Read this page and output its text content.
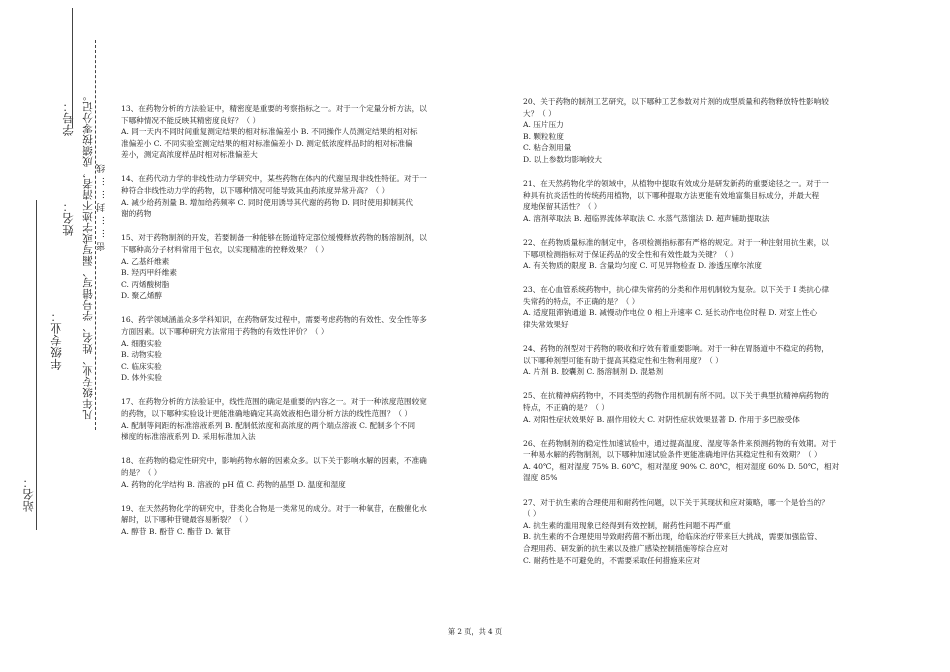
站名：
年级专业：
学号：
姓名： 凡年级专业、姓名、学号错写、漏写或字迹不清者，成绩按零分记。 密……封……线
13、在药物分析的方法验证中，精密度是重要的考察指标之一。对于一个定量分析方法，以
下哪种情况不能反映其精密度良好？（ ）
A. 同一天内不同时间重复测定结果的相对标准偏差小 B. 不同操作人员测定结果的相对标
准偏差小 C. 不同实验室测定结果的相对标准偏差小 D. 测定低浓度样品时的相对标准偏
差小，测定高浓度样品时相对标准偏差大
14、在药代动力学的非线性动力学研究中，某些药物在体内的代谢呈现非线性特征。对于一
种符合非线性动力学的药物，以下哪种情况可能导致其血药浓度异常升高？（ ）
A. 减少给药剂量 B. 增加给药频率 C. 同时使用诱导其代谢的药物 D. 同时使用抑制其代
谢的药物
15、对于药物制剂的开发，若要制备一种能够在肠道特定部位缓慢释放药物的肠溶制剂，以
下哪种高分子材料常用于包衣，以实现精准的控释效果？（ ）
A. 乙基纤维素
B. 羟丙甲纤维素
C. 丙烯酸树脂
D. 聚乙烯醇
16、药学领域涵盖众多学科知识，在药物研发过程中，需要考虑药物的有效性、安全性等多
方面因素。以下哪种研究方法常用于药物的有效性评价？（ ）
A. 细胞实验
B. 动物实验
C. 临床实验
D. 体外实验
17、在药物分析的方法验证中，线性范围的确定是重要的内容之一。对于一种浓度范围较宽
的药物，以下哪种实验设计更能准确地确定其高效液相色谱分析方法的线性范围？（ ）
A. 配制等间距的标准溶液系列 B. 配制低浓度和高浓度的两个端点溶液 C. 配制多个不同
梯度的标准溶液系列 D. 采用标准加入法
18、在药物的稳定性研究中，影响药物水解的因素众多。以下关于影响水解的因素，不准确
的是？（ ）
A. 药物的化学结构 B. 溶液的 pH 值 C. 药物的晶型 D. 温度和湿度
19、在天然药物化学的研究中，苷类化合物是一类常见的成分。对于一种氧苷，在酸催化水
解时，以下哪种苷键最容易断裂？（ ）
A. 醇苷 B. 酚苷 C. 酯苷 D. 氰苷
20、关于药物的制剂工艺研究，以下哪种工艺参数对片剂的成型质量和药物释放特性影响较
大？（ ）
A. 压片压力
B. 颗粒粒度
C. 粘合剂用量
D. 以上参数均影响较大
21、在天然药物化学的领域中，从植物中提取有效成分是研发新药的重要途径之一。对于一
种具有抗炎活性的传统药用植物，以下哪种提取方法更能有效地富集目标成分，并最大程
度地保留其活性？（ ）
A. 溶剂萃取法 B. 超临界流体萃取法 C. 水蒸气蒸馏法 D. 超声辅助提取法
22、在药物质量标准的制定中，各项检测指标都有严格的规定。对于一种注射用抗生素，以
下哪项检测指标对于保证药品的安全性和有效性最为关键？（ ）
A. 有关物质的限度 B. 含量均匀度 C. 可见异物检查 D. 渗透压摩尔浓度
23、在心血管系统药物中，抗心律失常药的分类和作用机制较为复杂。以下关于 I 类抗心律
失常药的特点，不正确的是？（ ）
A. 适度阻滞钠通道 B. 减慢动作电位 0 相上升速率 C. 延长动作电位时程 D. 对室上性心
律失常效果好
24、药物的剂型对于药物的吸收和疗效有着重要影响。对于一种在胃肠道中不稳定的药物，
以下哪种剂型可能有助于提高其稳定性和生物利用度？（ ）
A. 片剂 B. 胶囊剂 C. 肠溶制剂 D. 混悬剂
25、在抗精神病药物中，不同类型的药物作用机制有所不同。以下关于典型抗精神病药物的
特点，不正确的是？（ ）
A. 对阳性症状效果好 B. 副作用较大 C. 对阴性症状效果显著 D. 作用于多巴胺受体
26、在药物制剂的稳定性加速试验中，通过提高温度、湿度等条件来预测药物的有效期。对于
一种易水解的药物制剂，以下哪种加速试验条件更能准确地评估其稳定性和有效期？（ ）
A. 40℃，相对湿度 75% B. 60℃，相对湿度 90% C. 80℃，相对湿度 60% D. 50℃，相对
湿度 85%
27、对于抗生素的合理使用和耐药性问题，以下关于其现状和应对策略，哪一个是恰当的？
（ ）
A. 抗生素的滥用现象已经得到有效控制，耐药性问题不再严重
B. 抗生素的不合理使用导致耐药菌不断出现，给临床治疗带来巨大挑战，需要加强监管、
合理用药、研发新的抗生素以及推广感染控制措施等综合应对
C. 耐药性是不可避免的，不需要采取任何措施来应对
第 2 页，共 4 页
